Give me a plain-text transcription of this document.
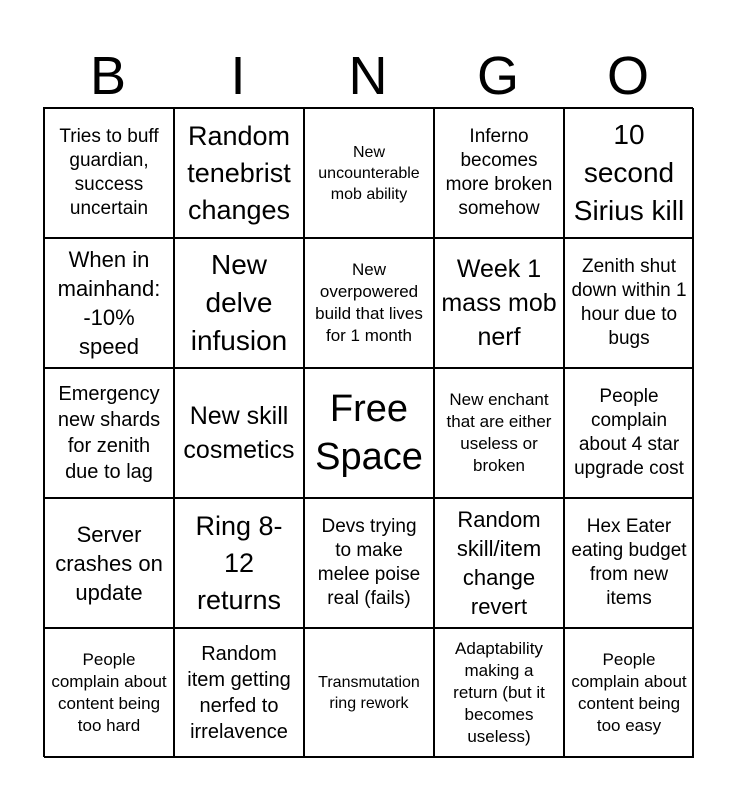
B	I	N	G	O
Tries to buff guardian, success uncertain
Random tenebrist changes
New uncounterable mob ability
Inferno becomes more broken somehow
10 second Sirius kill
When in mainhand: -10% speed
New delve infusion
New overpowered build that lives for 1 month
Week 1 mass mob nerf
Zenith shut down within 1 hour due to bugs
Emergency new shards for zenith due to lag
New skill cosmetics
Free Space
New enchant that are either useless or broken
People complain about 4 star upgrade cost
Server crashes on update
Ring 8-12 returns
Devs trying to make melee poise real (fails)
Random skill/item change revert
Hex Eater eating budget from new items
People complain about content being too hard
Random item getting nerfed to irrelavence
Transmutation ring rework
Adaptability making a return (but it becomes useless)
People complain about content being too easy
